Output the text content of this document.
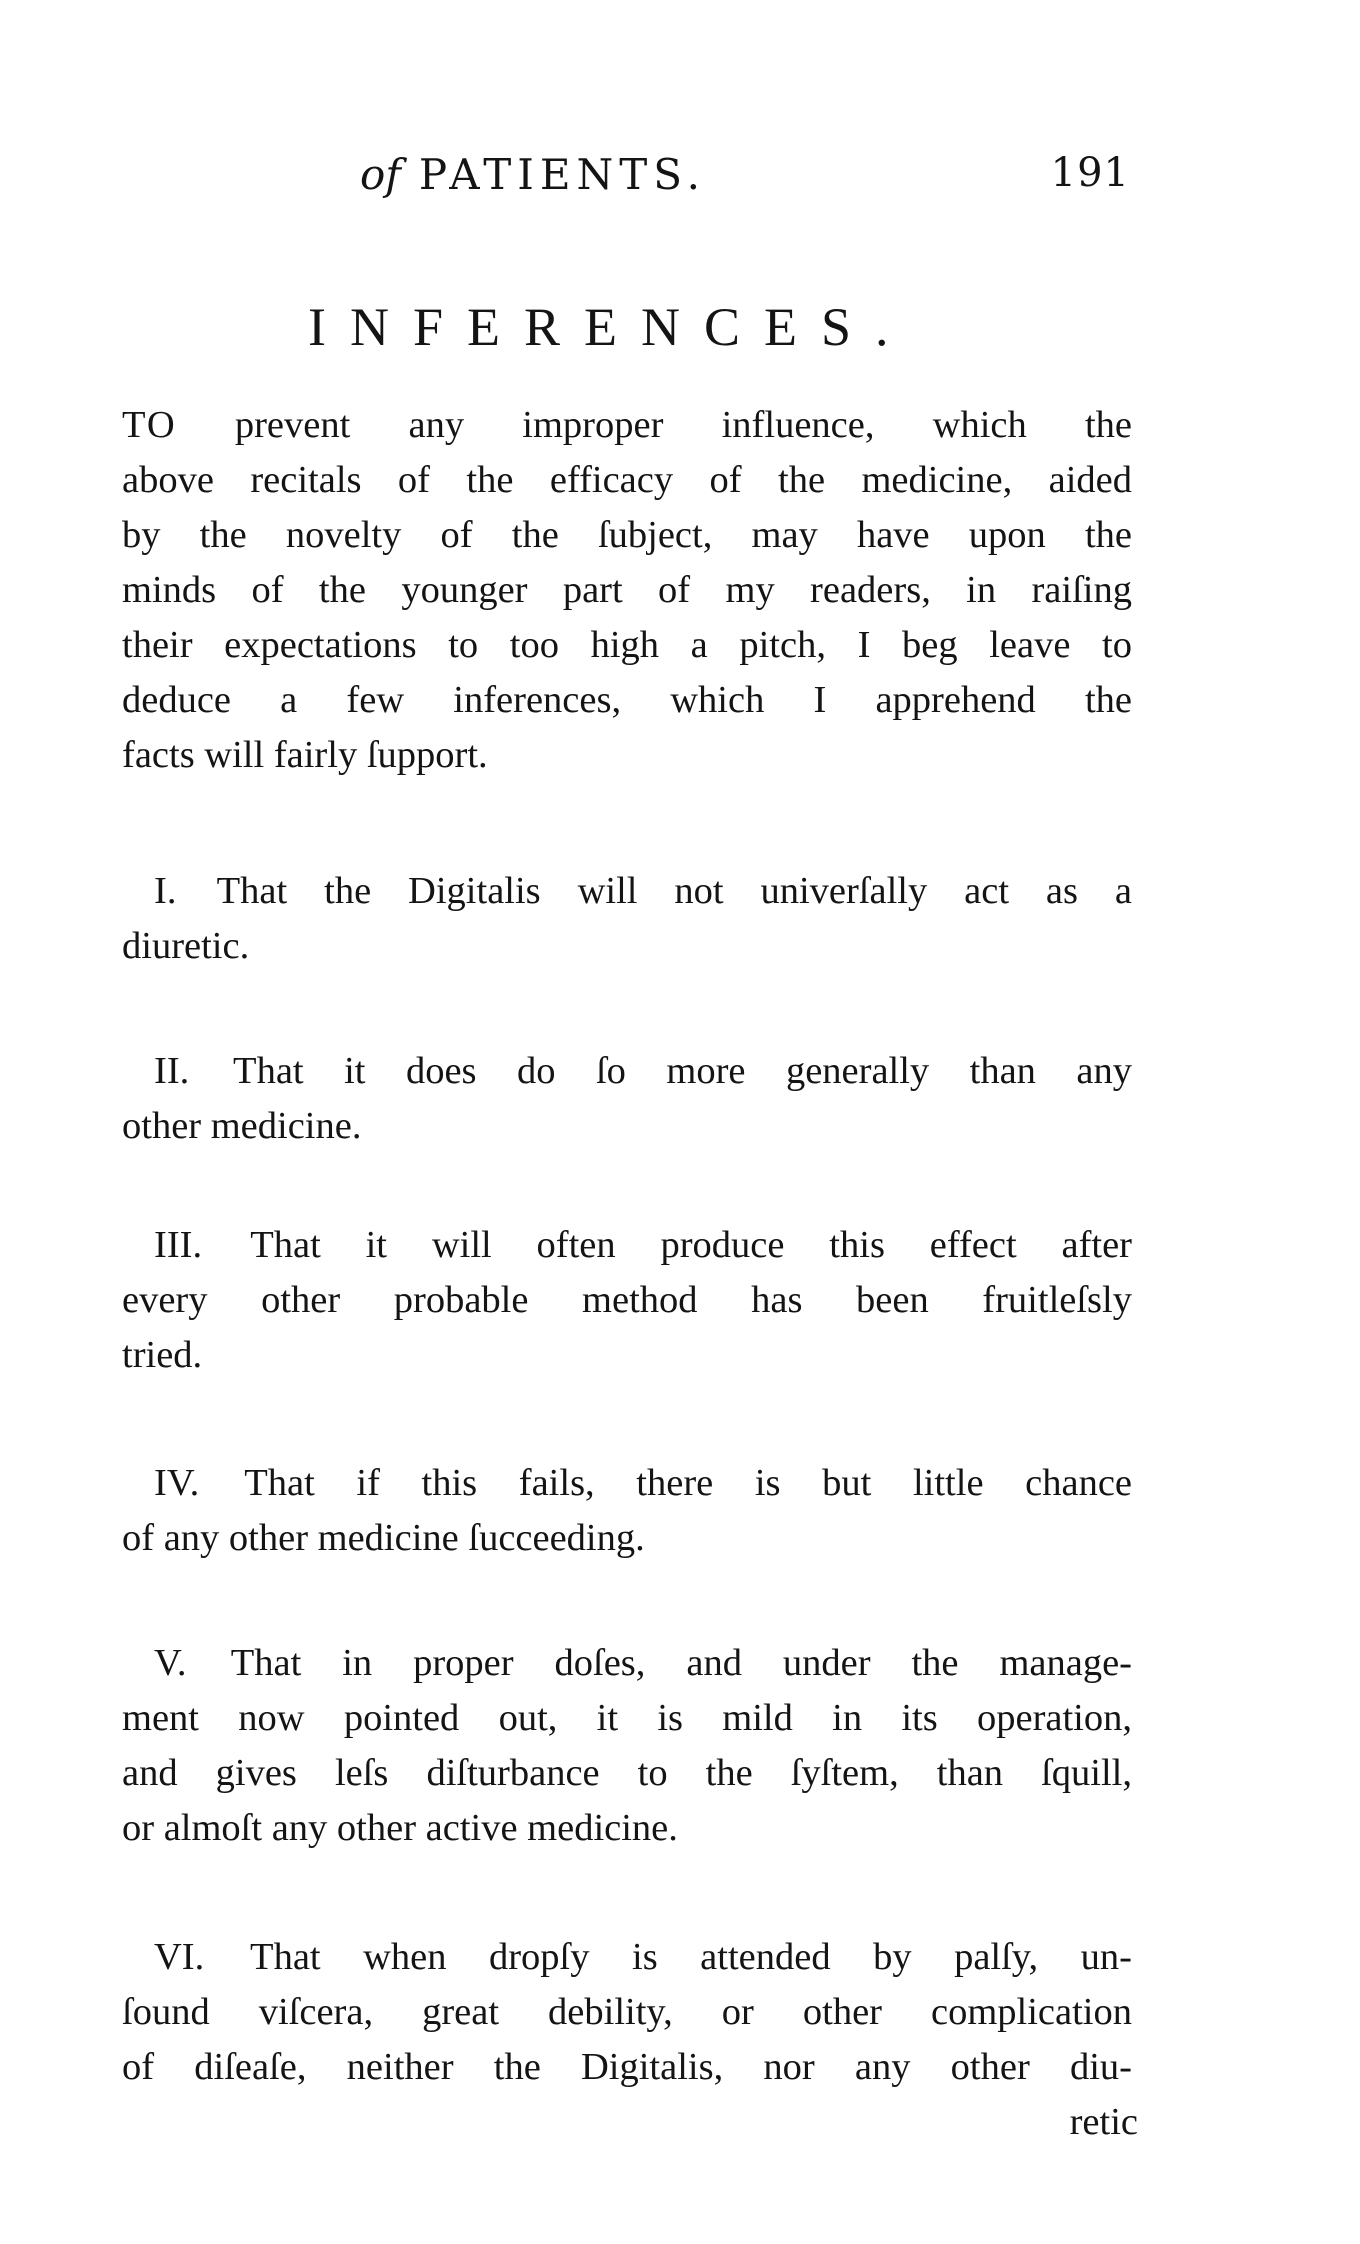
of PATIENTS.	191
INFERENCES.
TO prevent any improper influence, which the
above recitals of the efficacy of the medicine, aided
by the novelty of the ſubject, may have upon the
minds of the younger part of my readers, in raiſing
their expectations to too high a pitch, I beg leave to
deduce a few inferences, which I apprehend the
facts will fairly ſupport.
I. That the Digitalis will not univerſally act as a
diuretic.
II. That it does do ſo more generally than any
other medicine.
III. That it will often produce this effect after
every other probable method has been fruitleſsly
tried.
IV. That if this fails, there is but little chance
of any other medicine ſucceeding.
V. That in proper doſes, and under the manage-
ment now pointed out, it is mild in its operation,
and gives leſs diſturbance to the ſyſtem, than ſquill,
or almoſt any other active medicine.
VI. That when dropſy is attended by palſy, un-
ſound viſcera, great debility, or other complication
of diſeaſe, neither the Digitalis, nor any other diu-
retic
